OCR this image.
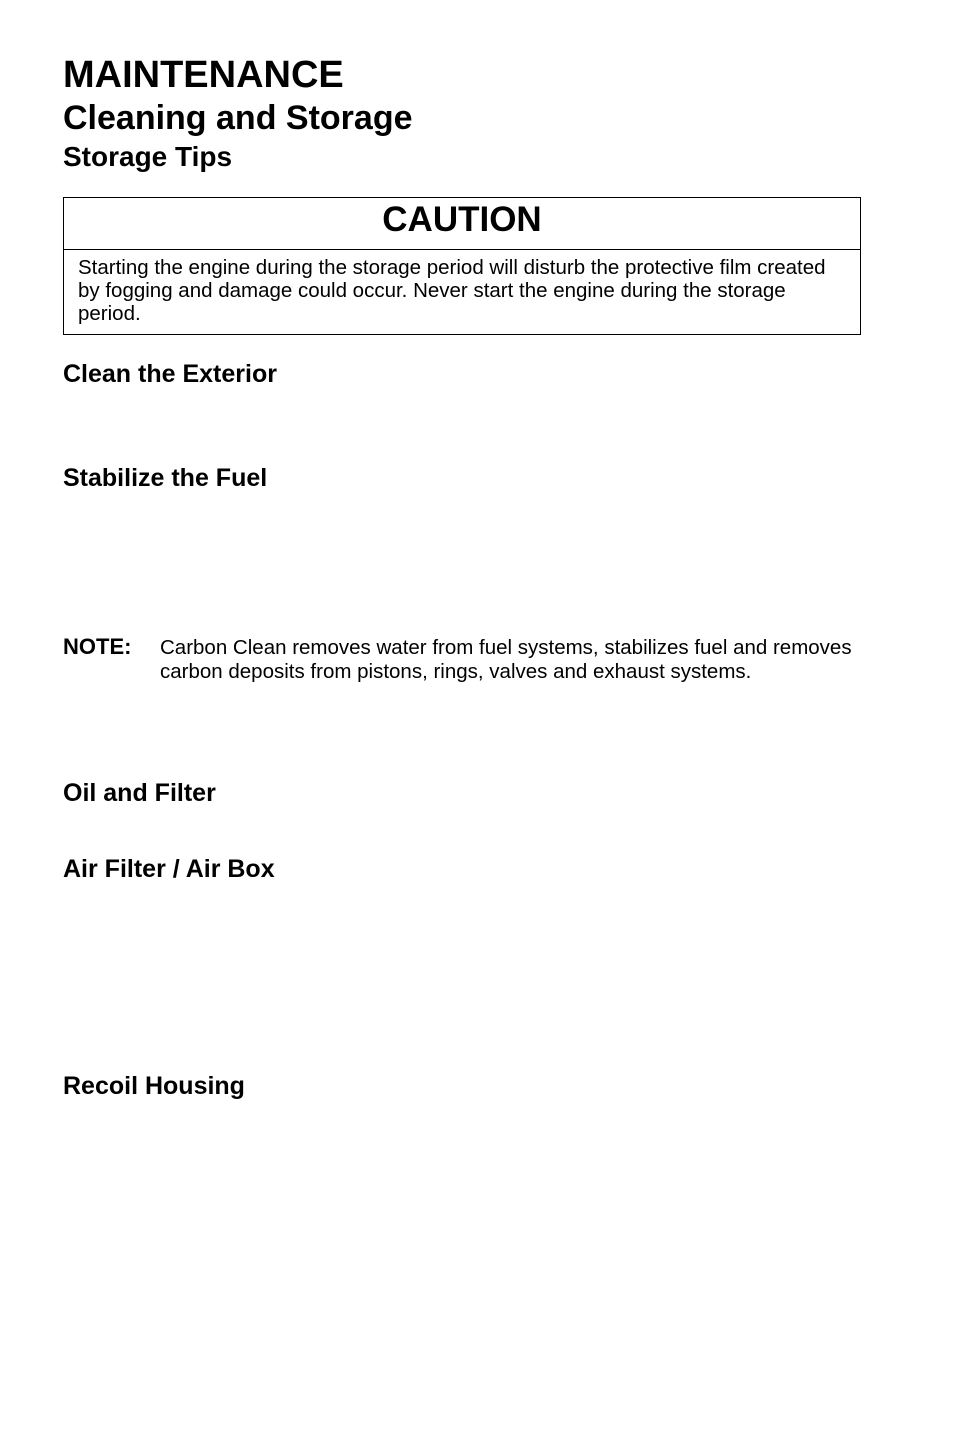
MAINTENANCE
Cleaning and Storage
Storage Tips
CAUTION
Starting the engine during the storage period will disturb the protective film created by fogging and damage could occur. Never start the engine during the storage period.
Clean the Exterior
Stabilize the Fuel
NOTE: Carbon Clean removes water from fuel systems, stabilizes fuel and removes carbon deposits from pistons, rings, valves and exhaust systems.
Oil and Filter
Air Filter / Air Box
Recoil Housing
